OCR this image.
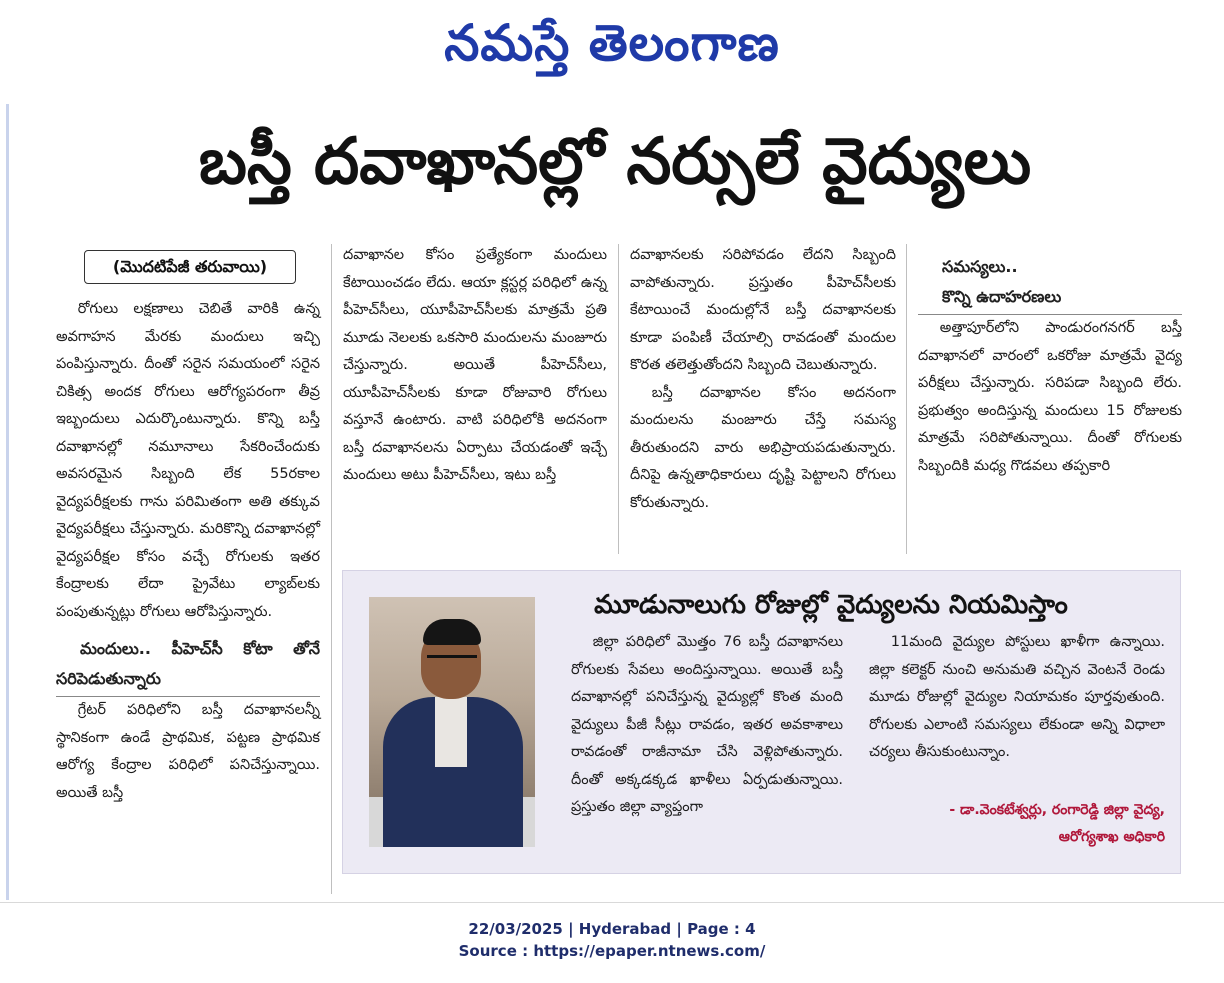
నమస్తే తెలంగాణ
బస్తీ దవాఖానల్లో నర్సులే వైద్యులు
(మొదటిపేజీ తరువాయి)

రోగులు లక్షణాలు చెబితే వారికి ఉన్న అవగాహన మేరకు మందులు ఇచ్చి పంపిస్తున్నారు. దీంతో సరైన సమయంలో సరైన చికిత్స అందక రోగులు ఆరోగ్యపరంగా తీవ్ర ఇబ్బందులు ఎదుర్కొంటున్నారు. కొన్ని బస్తీ దవాఖానల్లో నమూనాలు సేకరించేందుకు అవసరమైన సిబ్బంది లేక 55రకాల వైద్యపరీక్షలకు గాను పరిమితంగా అతి తక్కువ వైద్యపరీక్షలు చేస్తున్నారు. మరికొన్ని దవాఖానల్లో వైద్యపరీక్షల కోసం వచ్చే రోగులకు ఇతర కేంద్రాలకు లేదా ప్రైవేటు ల్యాబ్‌లకు పంపుతున్నట్లు రోగులు ఆరోపిస్తున్నారు.

మందులు.. పీహెచ్‌సీ కోటా తోనే సరిపెడుతున్నారు

గ్రేటర్ పరిధిలోని బస్తీ దవాఖానలన్నీ స్థానికంగా ఉండే ప్రాథమిక, పట్టణ ప్రాథమిక ఆరోగ్య కేంద్రాల పరిధిలో పనిచేస్తున్నాయి. అయితే బస్తీ

దవాఖానల కోసం ప్రత్యేకంగా మందులు కేటాయించడం లేదు. ఆయా క్లస్టర్ల పరిధిలో ఉన్న పీహెచ్‌సీలు, యూపీహెచ్‌సీలకు మాత్రమే ప్రతి మూడు నెలలకు ఒకసారి మందులను మంజూరు చేస్తున్నారు. అయితే పీహెచ్‌సీలు, యూపీహెచ్‌సీలకు కూడా రోజువారి రోగులు వస్తూనే ఉంటారు. వాటి పరిధిలోకి అదనంగా బస్తీ దవాఖానలను ఏర్పాటు చేయడంతో ఇచ్చే మందులు అటు పీహెచ్‌సీలు, ఇటు బస్తీ

దవాఖానలకు సరిపోవడం లేదని సిబ్బంది వాపోతున్నారు. ప్రస్తుతం పీహెచ్‌సీలకు కేటాయించే మందుల్లోనే బస్తీ దవాఖానలకు కూడా పంపిణీ చేయాల్సి రావడంతో మందుల కొరత తలెత్తుతోందని సిబ్బంది చెబుతున్నారు.

బస్తీ దవాఖానల కోసం అదనంగా మందులను మంజూరు చేస్తే సమస్య తీరుతుందని వారు అభిప్రాయపడుతున్నారు. దీనిపై ఉన్నతాధికారులు దృష్టి పెట్టాలని రోగులు కోరుతున్నారు.

సమస్యలు..

కొన్ని ఉదాహరణలు

అత్తాపూర్‌లోని పాండురంగనగర్ బస్తీ దవాఖానలో వారంలో ఒకరోజు మాత్రమే వైద్య పరీక్షలు చేస్తున్నారు. సరిపడా సిబ్బంది లేరు. ప్రభుత్వం అందిస్తున్న మందులు 15 రోజులకు మాత్రమే సరిపోతున్నాయి. దీంతో రోగులకు సిబ్బందికి మధ్య గొడవలు తప్పకారి

మూడునాలుగు రోజుల్లో వైద్యులను నియమిస్తాం

జిల్లా పరిధిలో మొత్తం 76 బస్తీ దవాఖానలు రోగులకు సేవలు అందిస్తున్నాయి. అయితే బస్తీ దవాఖానల్లో పనిచేస్తున్న వైద్యుల్లో కొంత మంది వైద్యులు పీజీ సీట్లు రావడం, ఇతర అవకాశాలు రావడంతో రాజీనామా చేసి వెళ్లిపోతున్నారు. దీంతో అక్కడక్కడ ఖాళీలు ఏర్పడుతున్నాయి. ప్రస్తుతం జిల్లా వ్యాప్తంగా

11మంది వైద్యుల పోస్టులు ఖాళీగా ఉన్నాయి. జిల్లా కలెక్టర్ నుంచి అనుమతి వచ్చిన వెంటనే రెండు మూడు రోజుల్లో వైద్యుల నియామకం పూర్తవుతుంది. రోగులకు ఎలాంటి సమస్యలు లేకుండా అన్ని విధాలా చర్యలు తీసుకుంటున్నాం.

- డా.వెంకటేశ్వర్లు, రంగారెడ్డి జిల్లా వైద్య, ఆరోగ్యశాఖ అధికారి
22/03/2025 | Hyderabad | Page : 4
Source : https://epaper.ntnews.com/
